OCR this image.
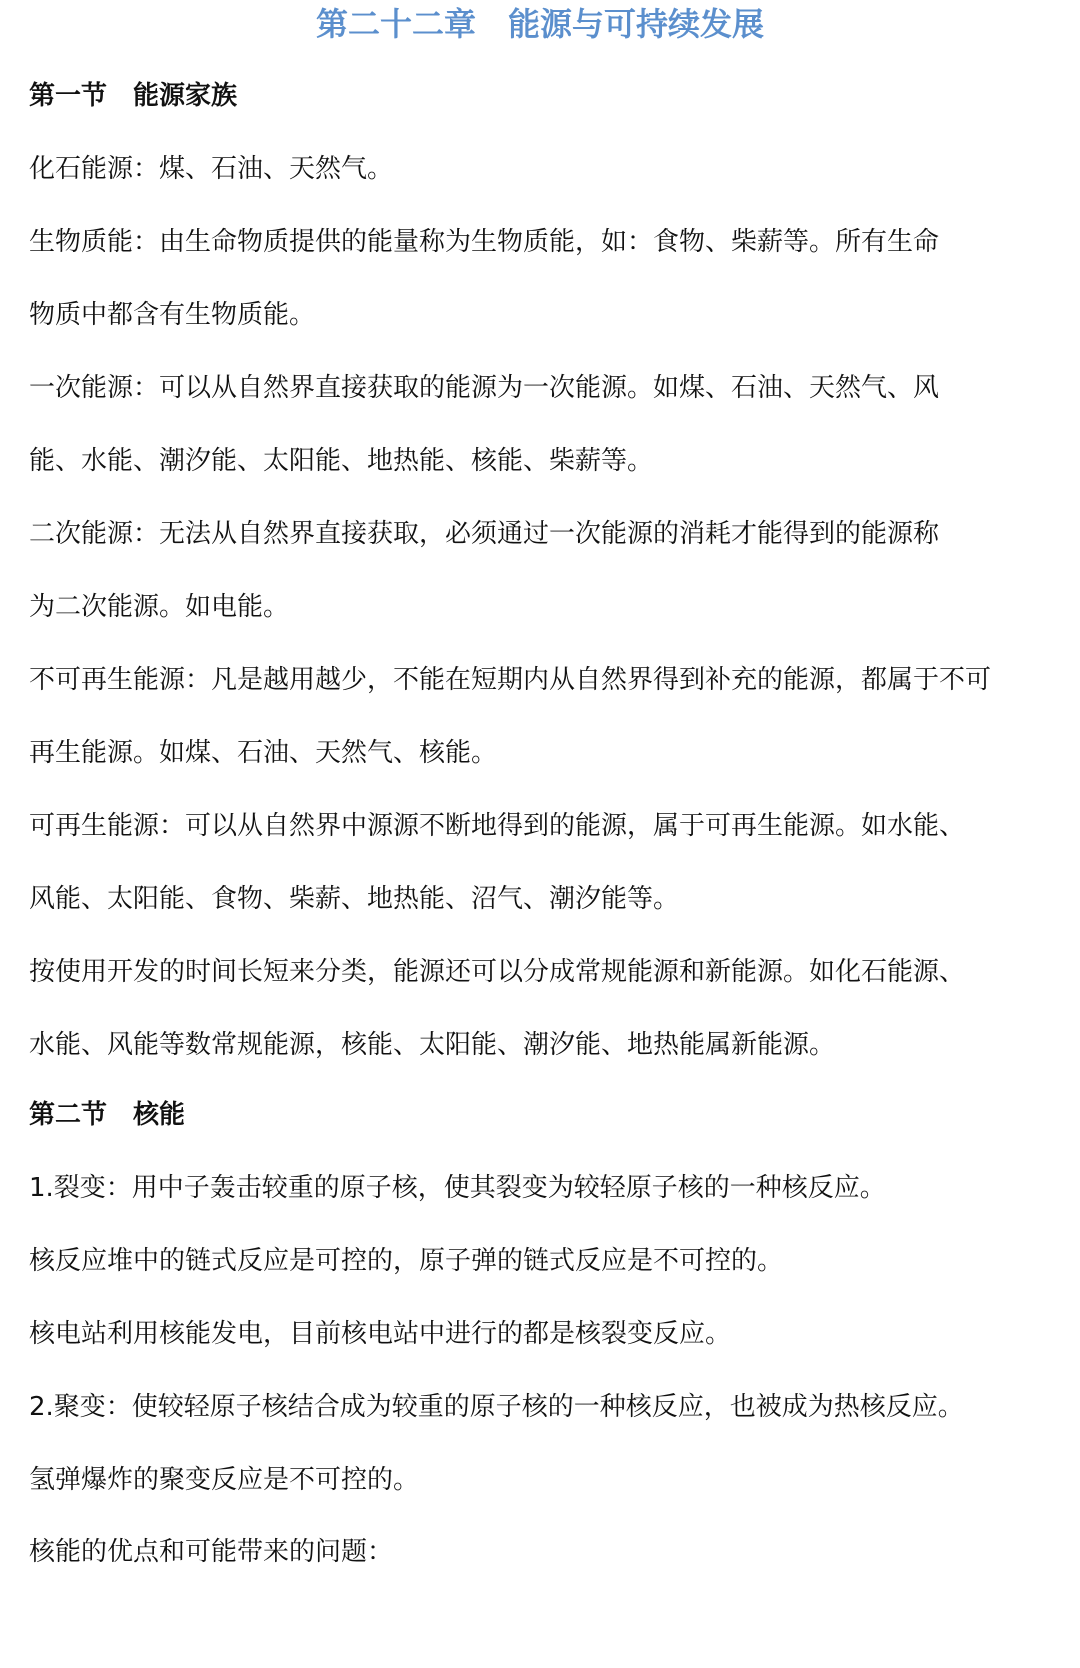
第二十二章　能源与可持续发展

第一节　能源家族

化石能源：煤、石油、天然气。

生物质能：由生命物质提供的能量称为生物质能，如：食物、柴薪等。所有生命

物质中都含有生物质能。

一次能源：可以从自然界直接获取的能源为一次能源。如煤、石油、天然气、风

能、水能、潮汐能、太阳能、地热能、核能、柴薪等。

二次能源：无法从自然界直接获取，必须通过一次能源的消耗才能得到的能源称

为二次能源。如电能。

不可再生能源：凡是越用越少，不能在短期内从自然界得到补充的能源，都属于不可

再生能源。如煤、石油、天然气、核能。

可再生能源：可以从自然界中源源不断地得到的能源，属于可再生能源。如水能、

风能、太阳能、食物、柴薪、地热能、沼气、潮汐能等。

按使用开发的时间长短来分类，能源还可以分成常规能源和新能源。如化石能源、

水能、风能等数常规能源，核能、太阳能、潮汐能、地热能属新能源。

第二节　核能

1.裂变：用中子轰击较重的原子核，使其裂变为较轻原子核的一种核反应。

核反应堆中的链式反应是可控的，原子弹的链式反应是不可控的。

核电站利用核能发电，目前核电站中进行的都是核裂变反应。

2.聚变：使较轻原子核结合成为较重的原子核的一种核反应，也被成为热核反应。

氢弹爆炸的聚变反应是不可控的。

核能的优点和可能带来的问题：
